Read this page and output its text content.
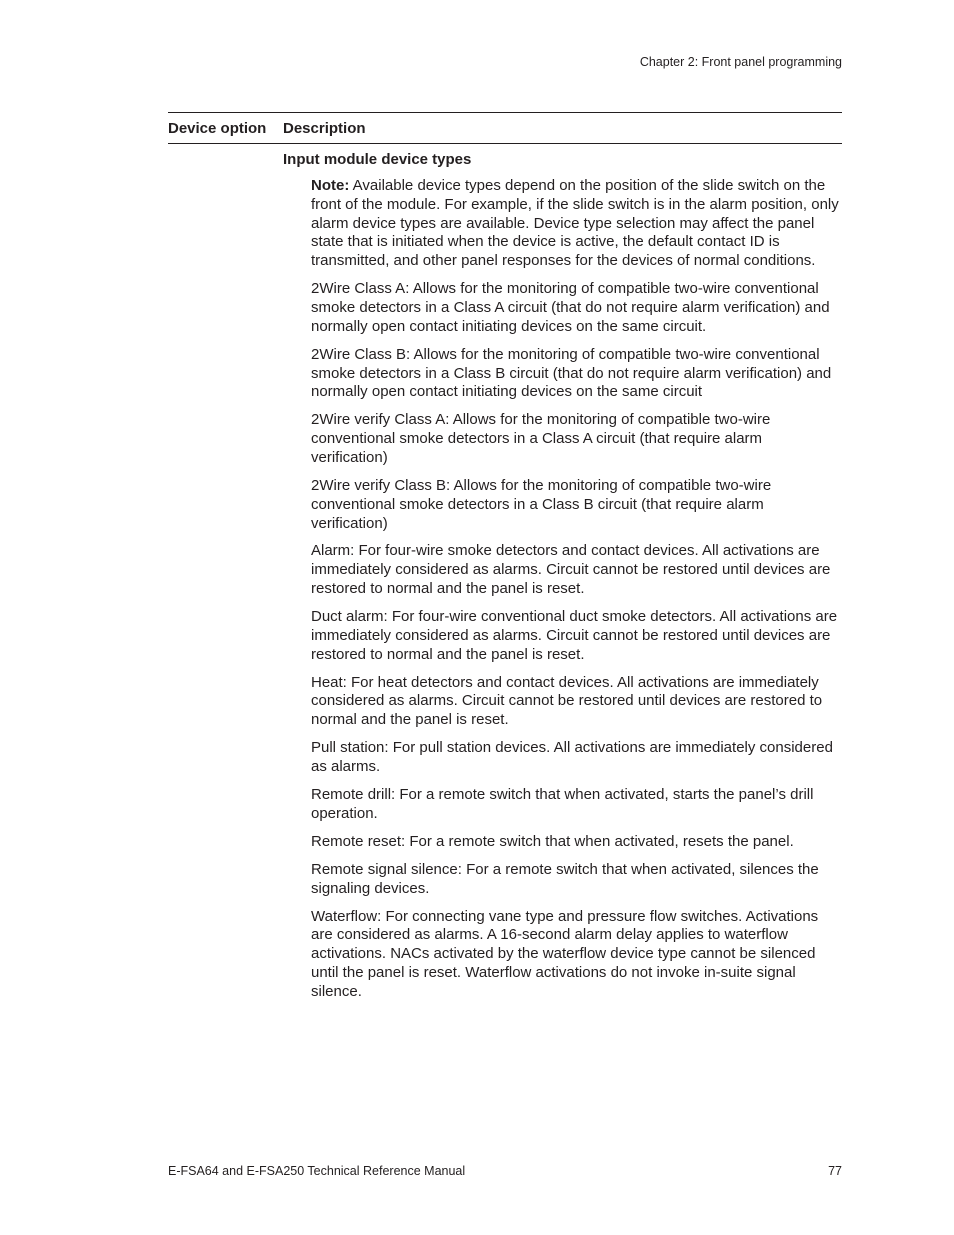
Chapter 2: Front panel programming
Device option	Description
Input module device types

Note: Available device types depend on the position of the slide switch on the front of the module. For example, if the slide switch is in the alarm position, only alarm device types are available. Device type selection may affect the panel state that is initiated when the device is active, the default contact ID is transmitted, and other panel responses for the devices of normal conditions.

2Wire Class A: Allows for the monitoring of compatible two-wire conventional smoke detectors in a Class A circuit (that do not require alarm verification) and normally open contact initiating devices on the same circuit.

2Wire Class B: Allows for the monitoring of compatible two-wire conventional smoke detectors in a Class B circuit (that do not require alarm verification) and normally open contact initiating devices on the same circuit

2Wire verify Class A: Allows for the monitoring of compatible two-wire conventional smoke detectors in a Class A circuit (that require alarm verification)

2Wire verify Class B: Allows for the monitoring of compatible two-wire conventional smoke detectors in a Class B circuit (that require alarm verification)

Alarm: For four-wire smoke detectors and contact devices. All activations are immediately considered as alarms. Circuit cannot be restored until devices are restored to normal and the panel is reset.

Duct alarm: For four-wire conventional duct smoke detectors. All activations are immediately considered as alarms. Circuit cannot be restored until devices are restored to normal and the panel is reset.

Heat: For heat detectors and contact devices. All activations are immediately considered as alarms. Circuit cannot be restored until devices are restored to normal and the panel is reset.

Pull station: For pull station devices. All activations are immediately considered as alarms.

Remote drill: For a remote switch that when activated, starts the panel’s drill operation.

Remote reset: For a remote switch that when activated, resets the panel.

Remote signal silence: For a remote switch that when activated, silences the signaling devices.

Waterflow: For connecting vane type and pressure flow switches. Activations are considered as alarms. A 16-second alarm delay applies to waterflow activations. NACs activated by the waterflow device type cannot be silenced until the panel is reset. Waterflow activations do not invoke in-suite signal silence.

E-FSA64 and E-FSA250 Technical Reference Manual	77
